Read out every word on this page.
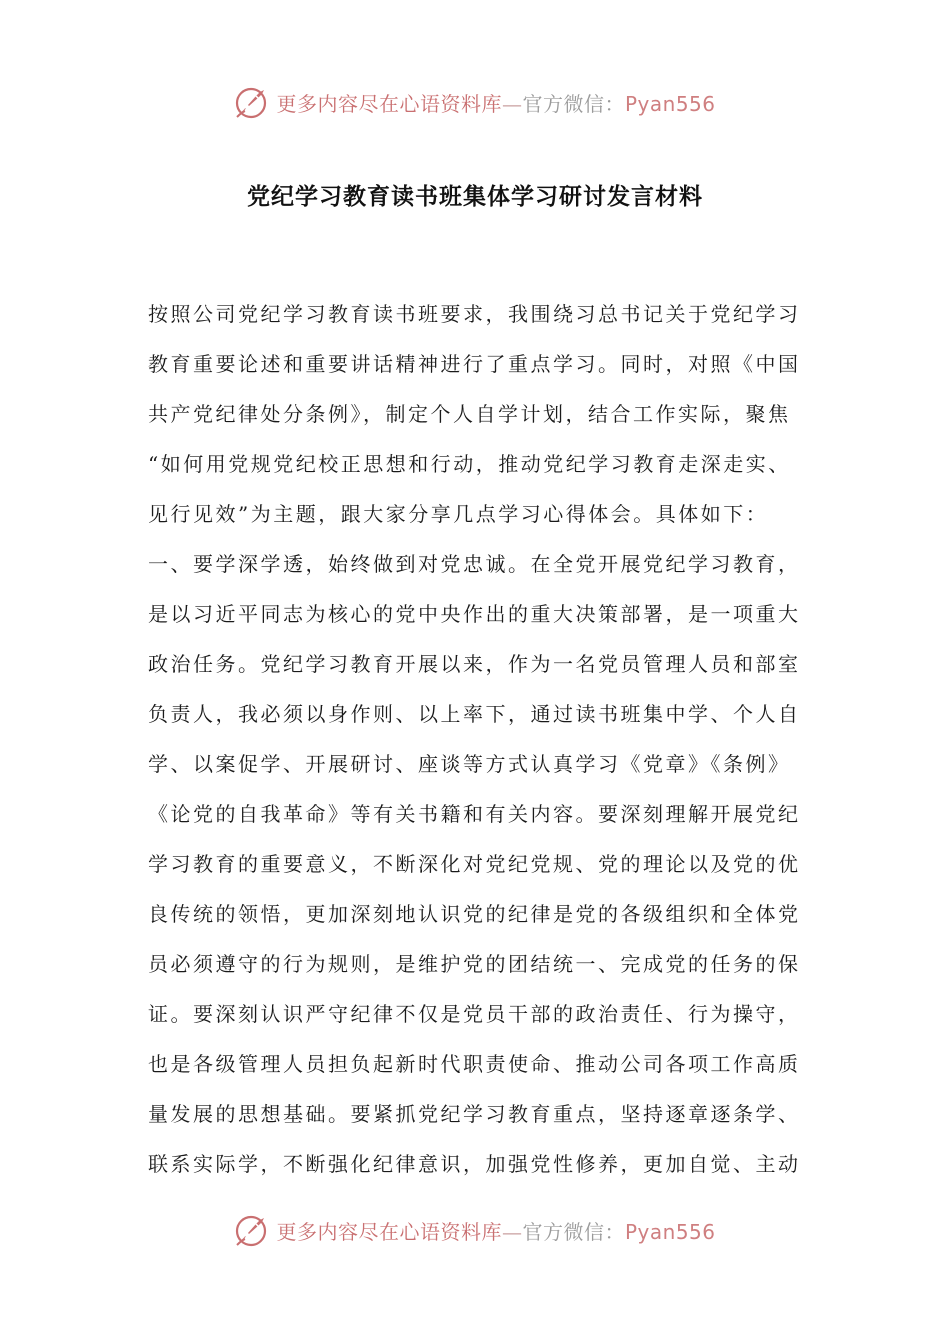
更多内容尽在心语资料库—官方微信：Pyan556
党纪学习教育读书班集体学习研讨发言材料
按照公司党纪学习教育读书班要求，我围绕习总书记关于党纪学习
教育重要论述和重要讲话精神进行了重点学习。同时，对照《中国
共产党纪律处分条例》，制定个人自学计划，结合工作实际，聚焦
“如何用党规党纪校正思想和行动，推动党纪学习教育走深走实、
见行见效”为主题，跟大家分享几点学习心得体会。具体如下：
一、要学深学透，始终做到对党忠诚。在全党开展党纪学习教育，
是以习近平同志为核心的党中央作出的重大决策部署，是一项重大
政治任务。党纪学习教育开展以来，作为一名党员管理人员和部室
负责人，我必须以身作则、以上率下，通过读书班集中学、个人自
学、以案促学、开展研讨、座谈等方式认真学习《党章》《条例》
《论党的自我革命》等有关书籍和有关内容。要深刻理解开展党纪
学习教育的重要意义，不断深化对党纪党规、党的理论以及党的优
良传统的领悟，更加深刻地认识党的纪律是党的各级组织和全体党
员必须遵守的行为规则，是维护党的团结统一、完成党的任务的保
证。要深刻认识严守纪律不仅是党员干部的政治责任、行为操守，
也是各级管理人员担负起新时代职责使命、推动公司各项工作高质
量发展的思想基础。要紧抓党纪学习教育重点，坚持逐章逐条学、
联系实际学，不断强化纪律意识，加强党性修养，更加自觉、主动
更多内容尽在心语资料库—官方微信：Pyan556
